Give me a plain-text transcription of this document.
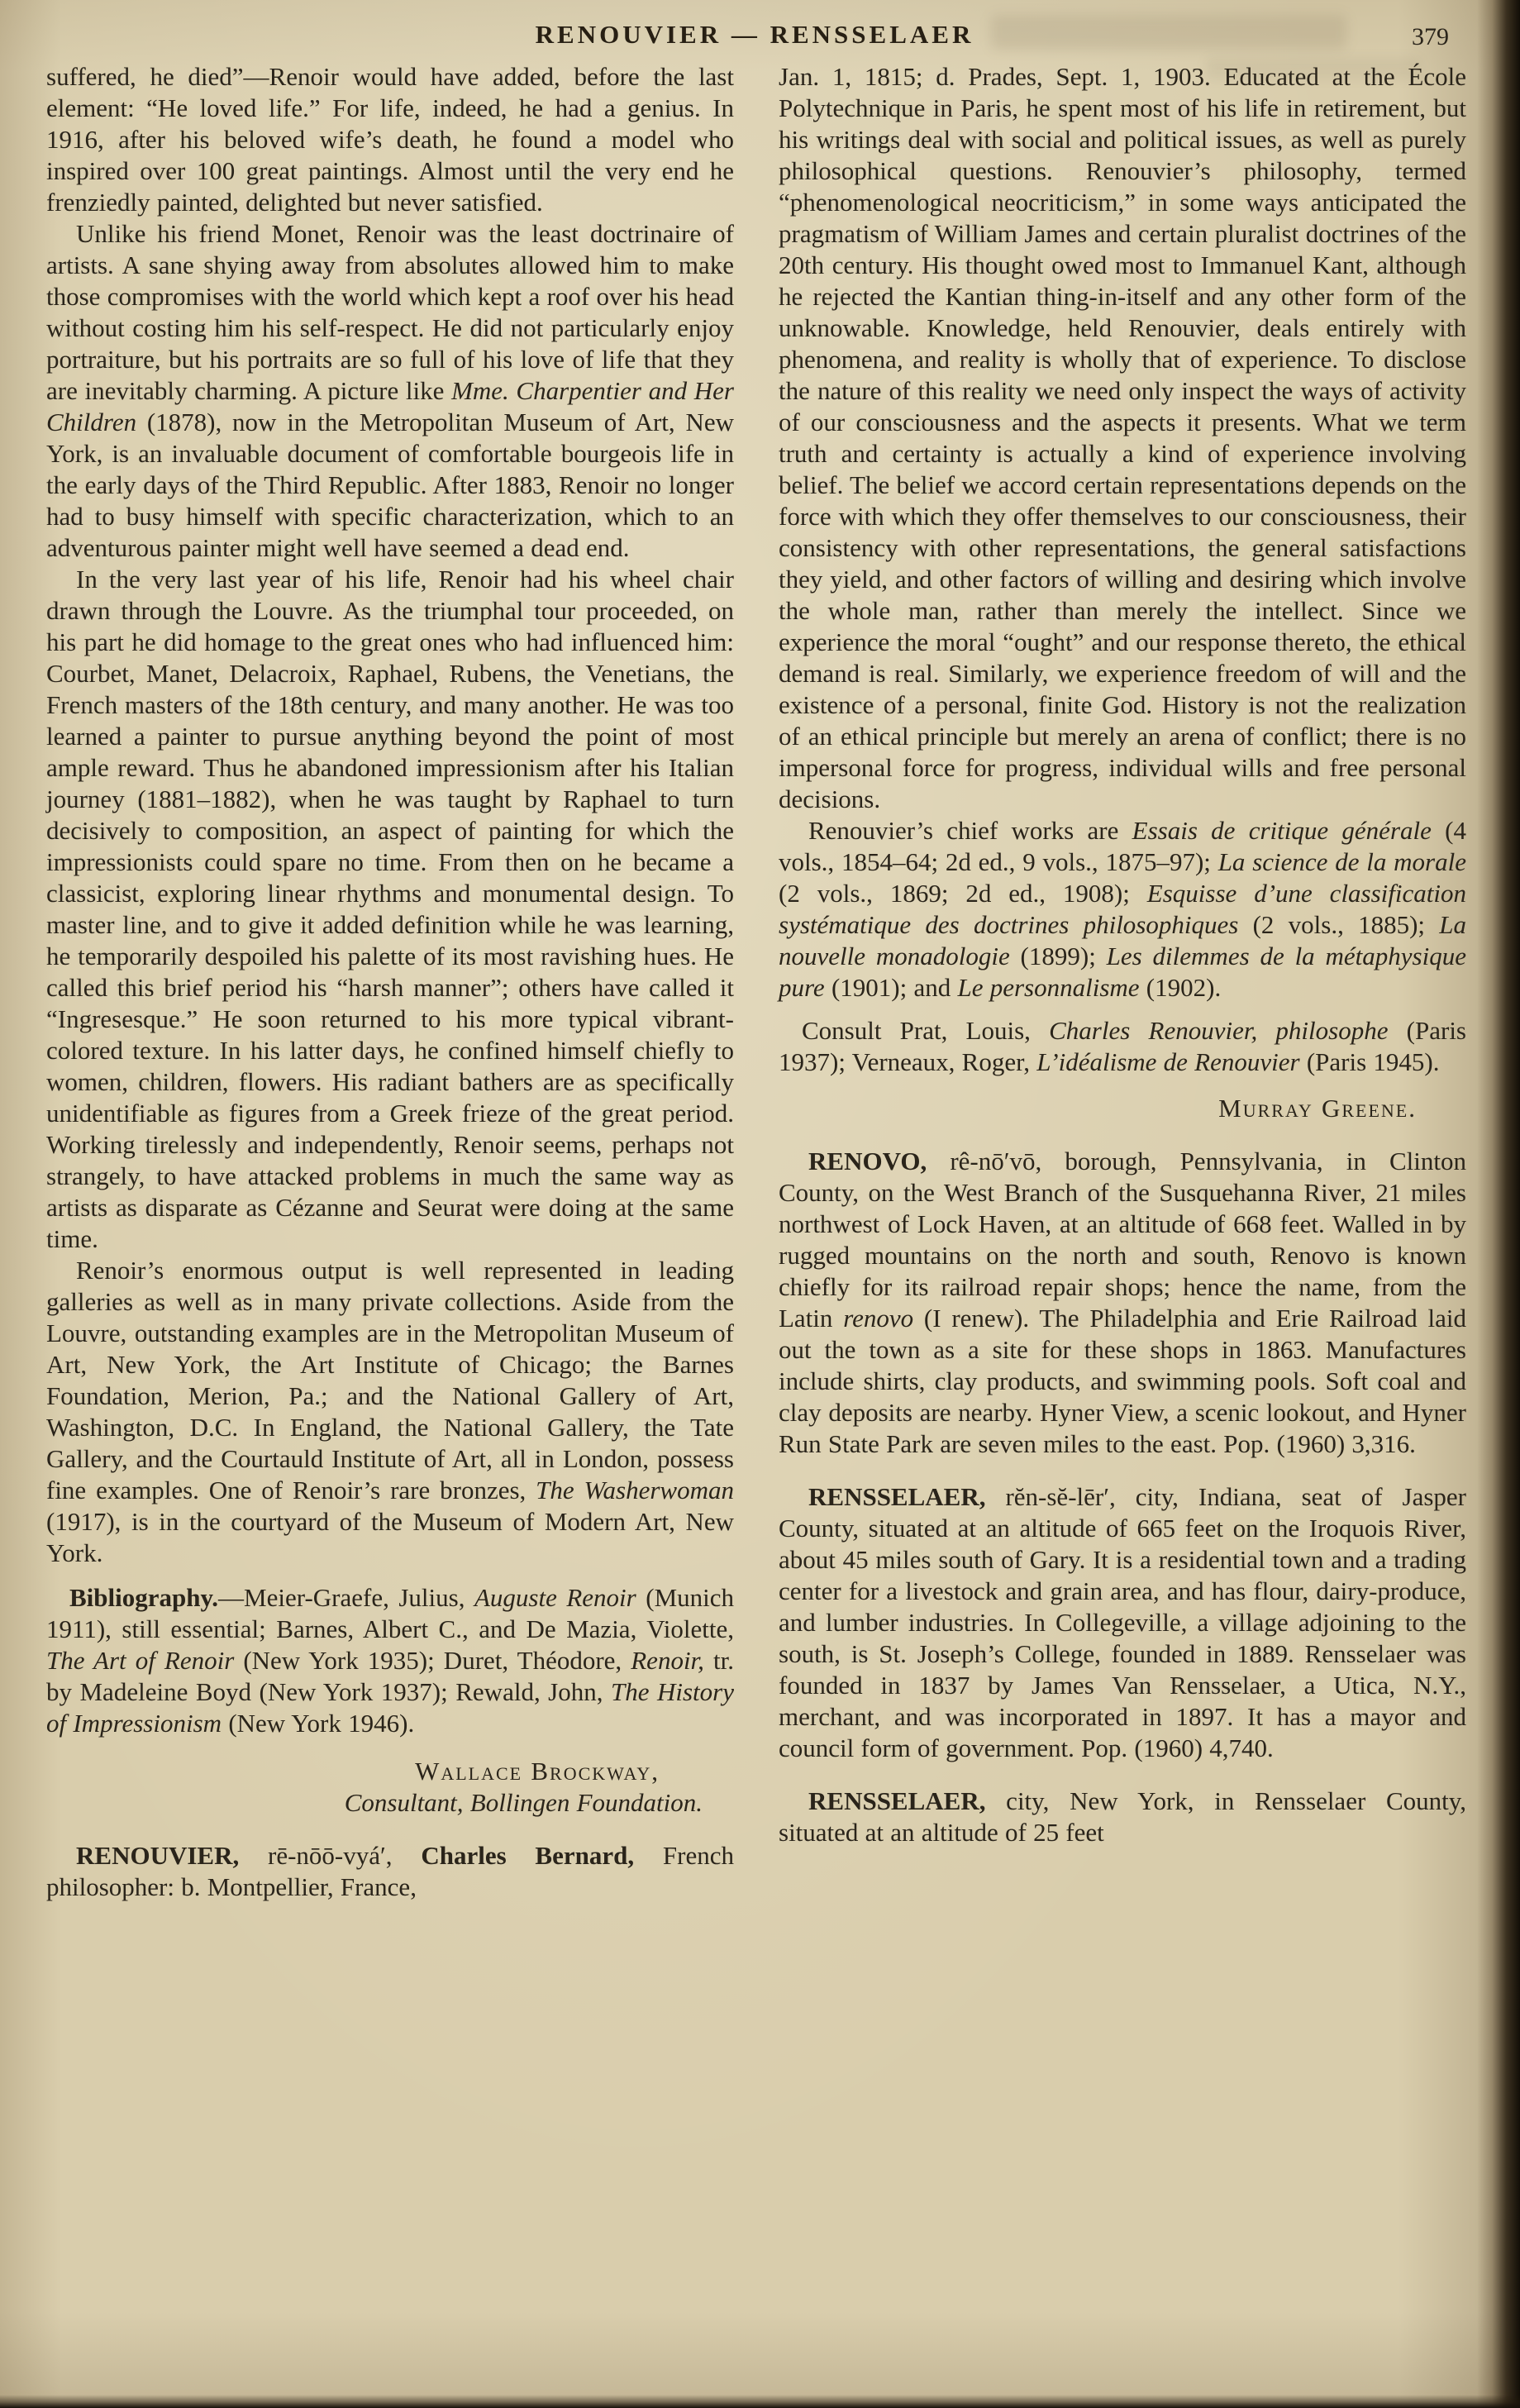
RENOUVIER — RENSSELAER	379

suffered, he died”—Renoir would have added, before the last element: “He loved life.” For life, indeed, he had a genius. In 1916, after his beloved wife’s death, he found a model who inspired over 100 great paintings. Almost until the very end he frenziedly painted, delighted but never satisfied.

Unlike his friend Monet, Renoir was the least doctrinaire of artists. A sane shying away from absolutes allowed him to make those compromises with the world which kept a roof over his head without costing him his self-respect. He did not particularly enjoy portraiture, but his portraits are so full of his love of life that they are inevitably charming. A picture like Mme. Charpentier and Her Children (1878), now in the Metropolitan Museum of Art, New York, is an invaluable document of comfortable bourgeois life in the early days of the Third Republic. After 1883, Renoir no longer had to busy himself with specific characterization, which to an adventurous painter might well have seemed a dead end.

In the very last year of his life, Renoir had his wheel chair drawn through the Louvre. As the triumphal tour proceeded, on his part he did homage to the great ones who had influenced him: Courbet, Manet, Delacroix, Raphael, Rubens, the Venetians, the French masters of the 18th century, and many another. He was too learned a painter to pursue anything beyond the point of most ample reward. Thus he abandoned impressionism after his Italian journey (1881–1882), when he was taught by Raphael to turn decisively to composition, an aspect of painting for which the impressionists could spare no time. From then on he became a classicist, exploring linear rhythms and monumental design. To master line, and to give it added definition while he was learning, he temporarily despoiled his palette of its most ravishing hues. He called this brief period his “harsh manner”; others have called it “Ingresesque.” He soon returned to his more typical vibrant-colored texture. In his latter days, he confined himself chiefly to women, children, flowers. His radiant bathers are as specifically unidentifiable as figures from a Greek frieze of the great period. Working tirelessly and independently, Renoir seems, perhaps not strangely, to have attacked problems in much the same way as artists as disparate as Cézanne and Seurat were doing at the same time.

Renoir’s enormous output is well represented in leading galleries as well as in many private collections. Aside from the Louvre, outstanding examples are in the Metropolitan Museum of Art, New York, the Art Institute of Chicago; the Barnes Foundation, Merion, Pa.; and the National Gallery of Art, Washington, D.C. In England, the National Gallery, the Tate Gallery, and the Courtauld Institute of Art, all in London, possess fine examples. One of Renoir’s rare bronzes, The Washerwoman (1917), is in the courtyard of the Museum of Modern Art, New York.

Bibliography.—Meier-Graefe, Julius, Auguste Renoir (Munich 1911), still essential; Barnes, Albert C., and De Mazia, Violette, The Art of Renoir (New York 1935); Duret, Théodore, Renoir, tr. by Madeleine Boyd (New York 1937); Rewald, John, The History of Impressionism (New York 1946).

Wallace Brockway,

Consultant, Bollingen Foundation.

RENOUVIER, rē-nōō-vyá′, Charles Bernard, French philosopher: b. Montpellier, France,

Jan. 1, 1815; d. Prades, Sept. 1, 1903. Educated at the École Polytechnique in Paris, he spent most of his life in retirement, but his writings deal with social and political issues, as well as purely philosophical questions. Renouvier’s philosophy, termed “phenomenological neocriticism,” in some ways anticipated the pragmatism of William James and certain pluralist doctrines of the 20th century. His thought owed most to Immanuel Kant, although he rejected the Kantian thing-in-itself and any other form of the unknowable. Knowledge, held Renouvier, deals entirely with phenomena, and reality is wholly that of experience. To disclose the nature of this reality we need only inspect the ways of activity of our consciousness and the aspects it presents. What we term truth and certainty is actually a kind of experience involving belief. The belief we accord certain representations depends on the force with which they offer themselves to our consciousness, their consistency with other representations, the general satisfactions they yield, and other factors of willing and desiring which involve the whole man, rather than merely the intellect. Since we experience the moral “ought” and our response thereto, the ethical demand is real. Similarly, we experience freedom of will and the existence of a personal, finite God. History is not the realization of an ethical principle but merely an arena of conflict; there is no impersonal force for progress, individual wills and free personal decisions.

Renouvier’s chief works are Essais de critique générale (4 vols., 1854–64; 2d ed., 9 vols., 1875–97); La science de la morale (2 vols., 1869; 2d ed., 1908); Esquisse d’une classification systématique des doctrines philosophiques (2 vols., 1885); La nouvelle monadologie (1899); Les dilemmes de la métaphysique pure (1901); and Le personnalisme (1902).

Consult Prat, Louis, Charles Renouvier, philosophe (Paris 1937); Verneaux, Roger, L’idéalisme de Renouvier (Paris 1945).

Murray Greene.

RENOVO, rê-nō′vō, borough, Pennsylvania, in Clinton County, on the West Branch of the Susquehanna River, 21 miles northwest of Lock Haven, at an altitude of 668 feet. Walled in by rugged mountains on the north and south, Renovo is known chiefly for its railroad repair shops; hence the name, from the Latin renovo (I renew). The Philadelphia and Erie Railroad laid out the town as a site for these shops in 1863. Manufactures include shirts, clay products, and swimming pools. Soft coal and clay deposits are nearby. Hyner View, a scenic lookout, and Hyner Run State Park are seven miles to the east. Pop. (1960) 3,316.

RENSSELAER, rĕn-sĕ-lēr′, city, Indiana, seat of Jasper County, situated at an altitude of 665 feet on the Iroquois River, about 45 miles south of Gary. It is a residential town and a trading center for a livestock and grain area, and has flour, dairy-produce, and lumber industries. In Collegeville, a village adjoining to the south, is St. Joseph’s College, founded in 1889. Rensselaer was founded in 1837 by James Van Rensselaer, a Utica, N.Y., merchant, and was incorporated in 1897. It has a mayor and council form of government. Pop. (1960) 4,740.

RENSSELAER, city, New York, in Rensselaer County, situated at an altitude of 25 feet
